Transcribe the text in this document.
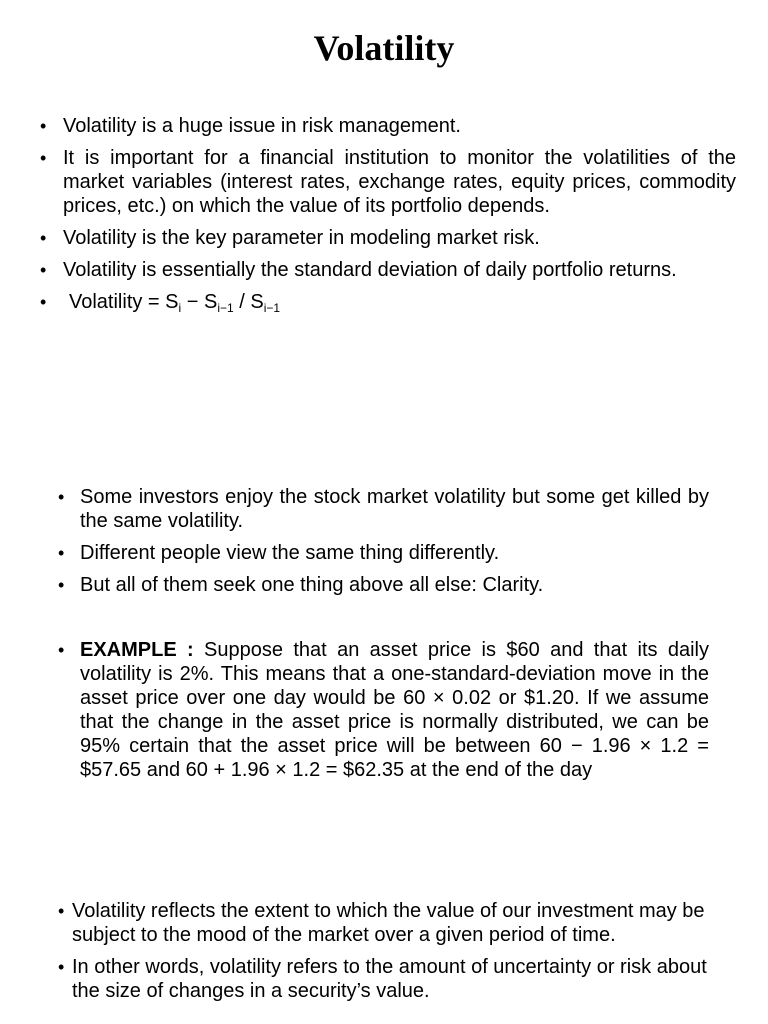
Volatility
• Volatility is a huge issue in risk management.
• It is important for a financial institution to monitor the volatilities of the market variables (interest rates, exchange rates, equity prices, commodity prices, etc.) on which the value of its portfolio depends.
• Volatility is the key parameter in modeling market risk.
• Volatility is essentially the standard deviation of daily portfolio returns.
• Volatility = $S_i - S_{i-1} / S_{i-1}$
• Some investors enjoy the stock market volatility but some get killed by the same volatility.
• Different people view the same thing differently.
• But all of them seek one thing above all else: Clarity.
• EXAMPLE : Suppose that an asset price is $60 and that its daily volatility is 2%. This means that a one-standard-deviation move in the asset price over one day would be 60 × 0.02 or $1.20. If we assume that the change in the asset price is normally distributed, we can be 95% certain that the asset price will be between 60 − 1.96 × 1.2 = $57.65 and 60 + 1.96 × 1.2 = $62.35 at the end of the day
• Volatility reflects the extent to which the value of our investment may be subject to the mood of the market over a given period of time.
• In other words, volatility refers to the amount of uncertainty or risk about the size of changes in a security’s value.
